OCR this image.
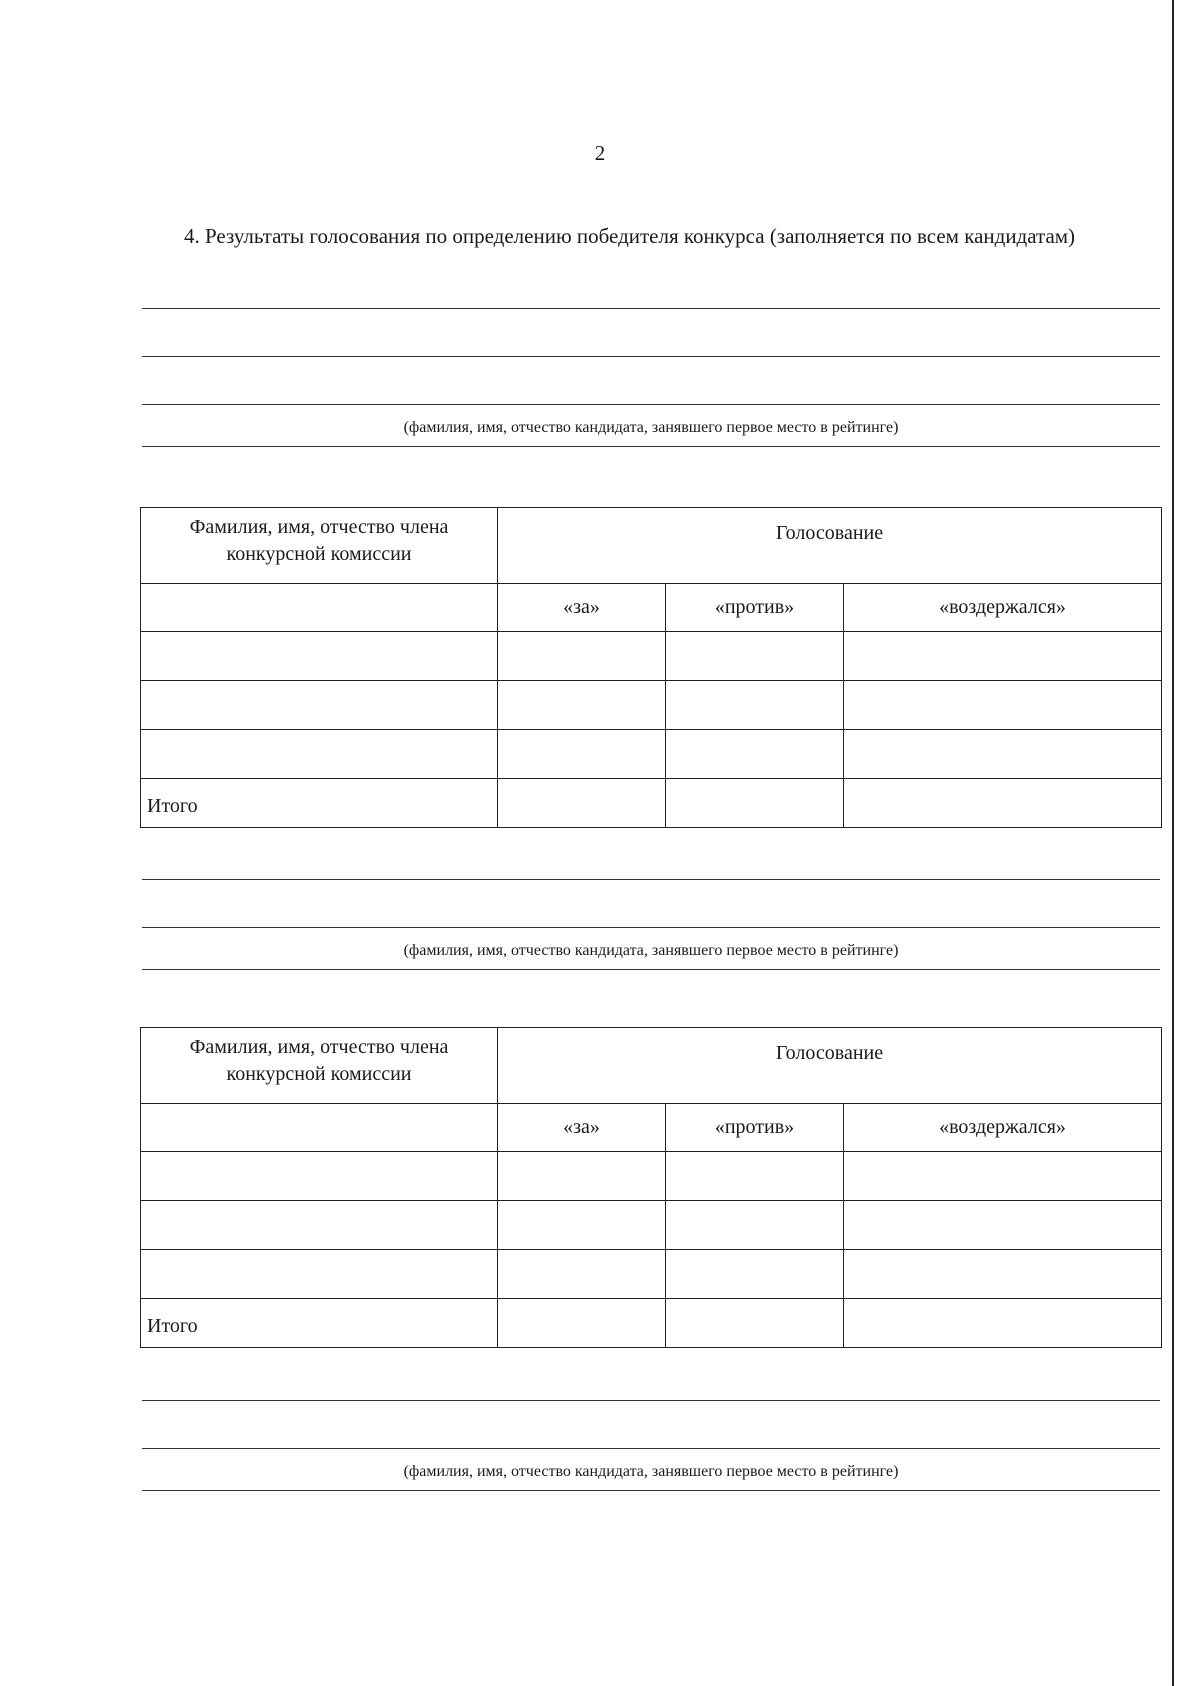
2
4. Результаты голосования по определению победителя конкурса (заполняется по всем кандидатам)
(фамилия, имя, отчество кандидата, занявшего первое место в рейтинге)
Фамилия, имя, отчество члена конкурсной комиссии	Голосование		
	«за»	«против»	«воздержался»

Итого			
(фамилия, имя, отчество кандидата, занявшего первое место в рейтинге)
Фамилия, имя, отчество члена конкурсной комиссии	Голосование		
	«за»	«против»	«воздержался»

Итого			
(фамилия, имя, отчество кандидата, занявшего первое место в рейтинге)
